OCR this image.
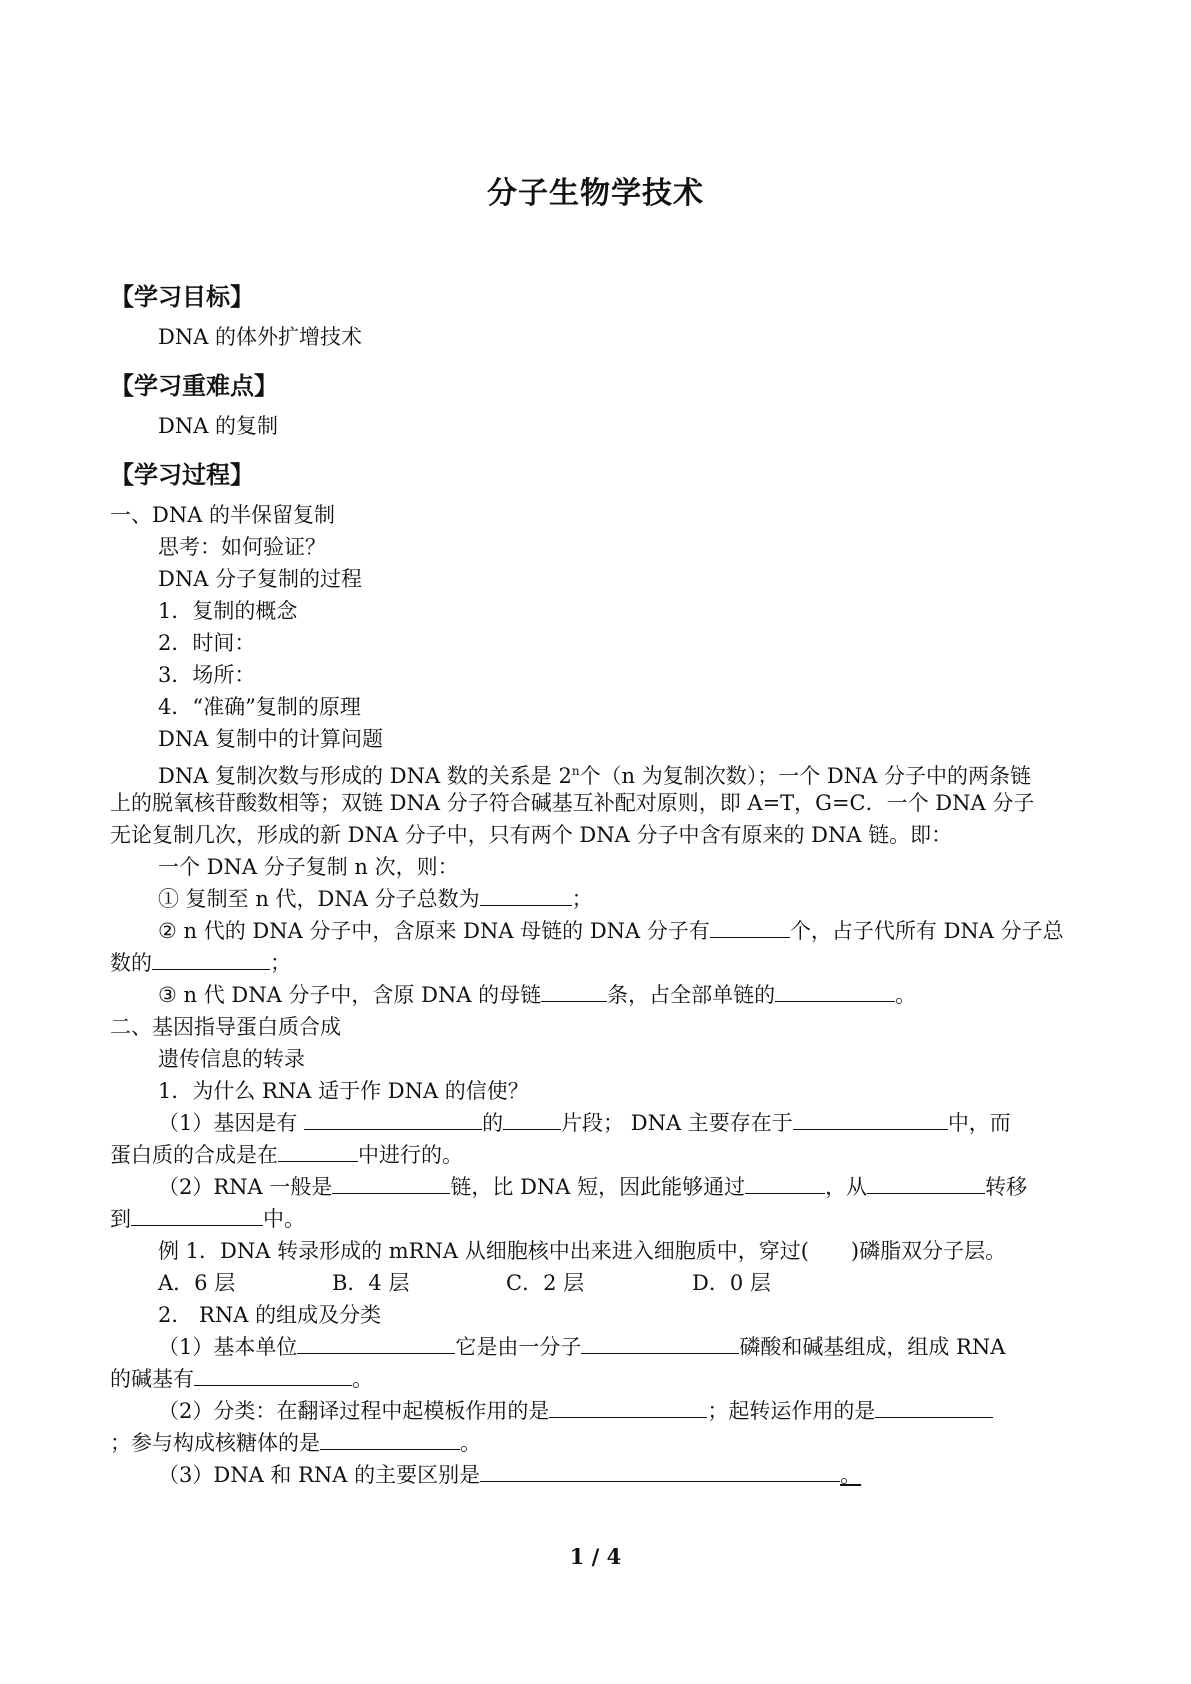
分子生物学技术
【学习目标】
DNA 的体外扩增技术
【学习重难点】
DNA 的复制
【学习过程】
一、DNA 的半保留复制
思考：如何验证？
DNA 分子复制的过程
1．复制的概念
2．时间：
3．场所：
4．“准确”复制的原理
DNA 复制中的计算问题
DNA 复制次数与形成的 DNA 数的关系是 2$^n$个（n 为复制次数）；一个 DNA 分子中的两条链
上的脱氧核苷酸数相等；双链 DNA 分子符合碱基互补配对原则，即 A=T，G=C．一个 DNA 分子
无论复制几次，形成的新 DNA 分子中，只有两个 DNA 分子中含有原来的 DNA 链。即：
一个 DNA 分子复制 n 次，则：
① 复制至 n 代，DNA 分子总数为	；
② n 代的 DNA 分子中，含原来 DNA 母链的 DNA 分子有	个，占子代所有 DNA 分子总
数的	；
③ n 代 DNA 分子中，含原 DNA 的母链	条，占全部单链的	。
二、基因指导蛋白质合成
遗传信息的转录
1．为什么 RNA 适于作 DNA 的信使？
（1）基因是有	的	片段； DNA 主要存在于	中，而
蛋白质的合成是在	中进行的。
（2）RNA 一般是	链，比 DNA 短，因此能够通过	，从	转移
到	中。
例 1．DNA 转录形成的 mRNA 从细胞核中出来进入细胞质中，穿过(　　)磷脂双分子层。
A．6 层	B．4 层	C．2 层	D．0 层
2． RNA 的组成及分类
（1）基本单位	它是由一分子	磷酸和碱基组成，组成 RNA
的碱基有	。
（2）分类：在翻译过程中起模板作用的是	；起转运作用的是
；参与构成核糖体的是	。
（3）DNA 和 RNA 的主要区别是	。
1 / 4
